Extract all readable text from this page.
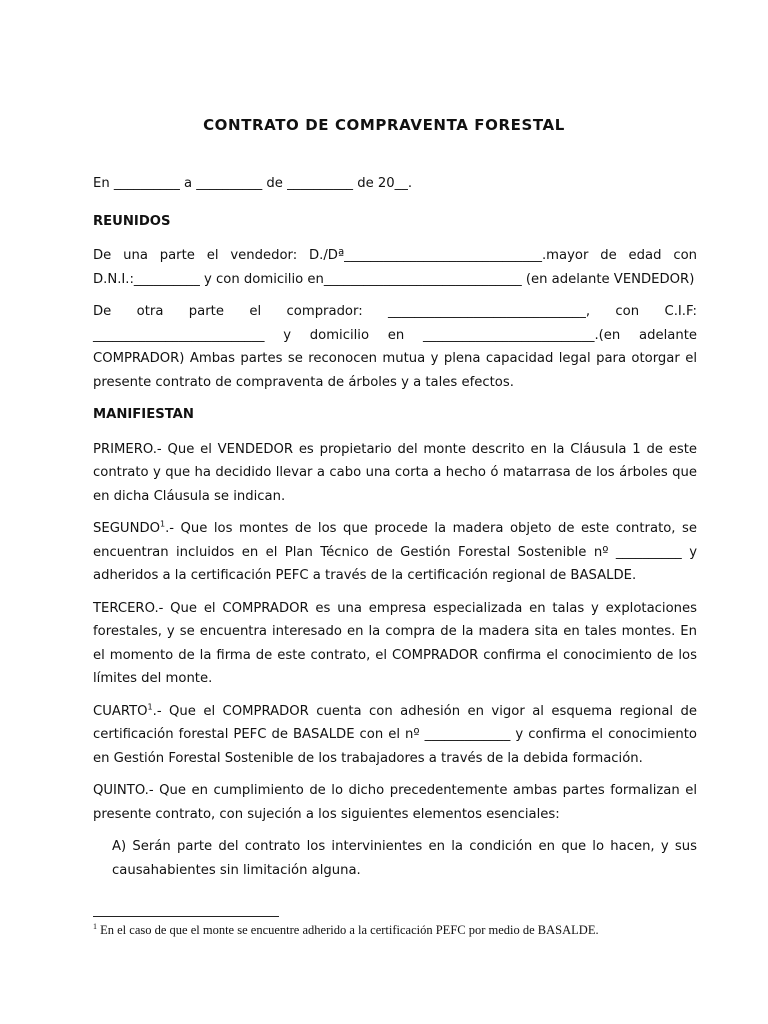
CONTRATO DE COMPRAVENTA FORESTAL

En __________ a __________ de __________ de 20__.

REUNIDOS

De una parte el vendedor: D./Dª______________________________.mayor de edad con D.N.I.:__________ y con domicilio en______________________________ (en adelante VENDEDOR)

De otra parte el comprador: ______________________________, con C.I.F: __________________________ y domicilio en __________________________.(en adelante COMPRADOR) Ambas partes se reconocen mutua y plena capacidad legal para otorgar el presente contrato de compraventa de árboles y a tales efectos.

MANIFIESTAN

PRIMERO.- Que el VENDEDOR es propietario del monte descrito en la Cláusula 1 de este contrato y que ha decidido llevar a cabo una corta a hecho ó matarrasa de los árboles que en dicha Cláusula se indican.

SEGUNDO$^1$.- Que los montes de los que procede la madera objeto de este contrato, se encuentran incluidos en el Plan Técnico de Gestión Forestal Sostenible nº __________ y adheridos a la certificación PEFC a través de la certificación regional de BASALDE.

TERCERO.- Que el COMPRADOR es una empresa especializada en talas y explotaciones forestales, y se encuentra interesado en la compra de la madera sita en tales montes. En el momento de la firma de este contrato, el COMPRADOR confirma el conocimiento de los límites del monte.

CUARTO$^1$.- Que el COMPRADOR cuenta con adhesión en vigor al esquema regional de certificación forestal PEFC de BASALDE con el nº _____________ y confirma el conocimiento en Gestión Forestal Sostenible de los trabajadores a través de la debida formación.

QUINTO.- Que en cumplimiento de lo dicho precedentemente ambas partes formalizan el presente contrato, con sujeción a los siguientes elementos esenciales:

A) Serán parte del contrato los intervinientes en la condición en que lo hacen, y sus causahabientes sin limitación alguna.

$^1$ En el caso de que el monte se encuentre adherido a la certificación PEFC por medio de BASALDE.
